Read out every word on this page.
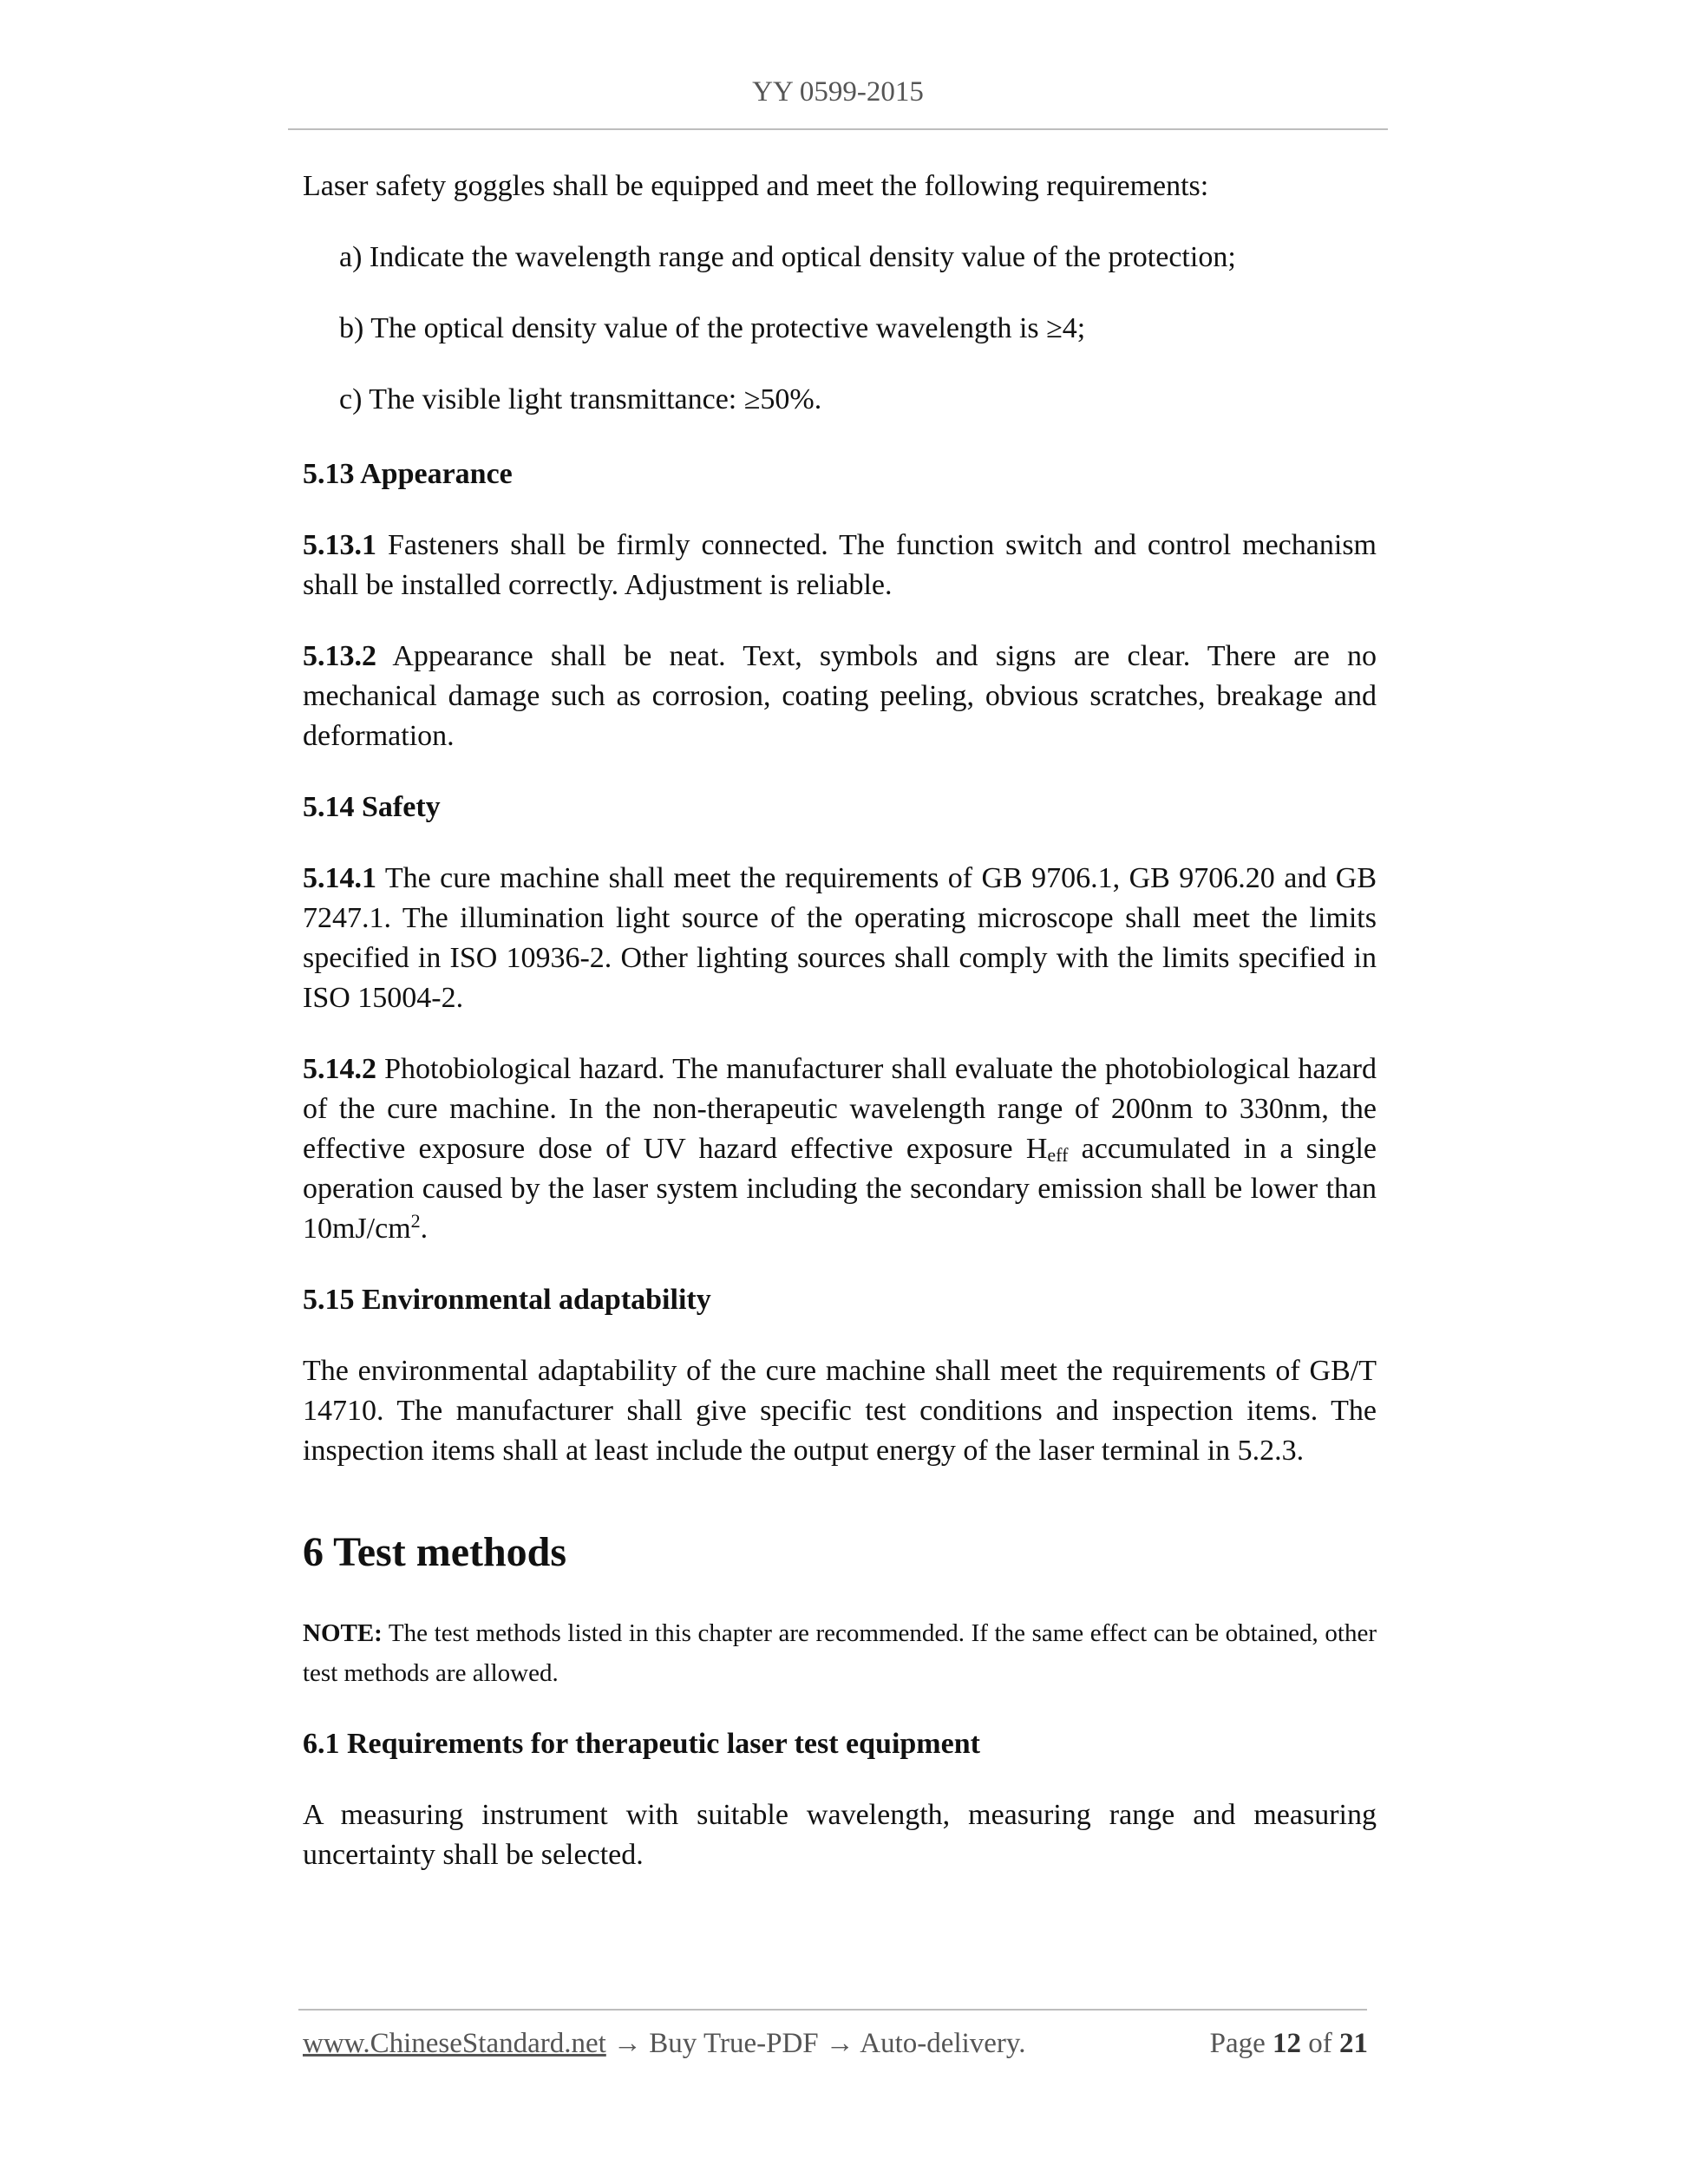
YY 0599-2015

Laser safety goggles shall be equipped and meet the following requirements:

a) Indicate the wavelength range and optical density value of the protection;

b) The optical density value of the protective wavelength is ≥4;

c) The visible light transmittance: ≥50%.

5.13 Appearance

5.13.1 Fasteners shall be firmly connected. The function switch and control mechanism shall be installed correctly. Adjustment is reliable.

5.13.2 Appearance shall be neat. Text, symbols and signs are clear. There are no mechanical damage such as corrosion, coating peeling, obvious scratches, breakage and deformation.

5.14 Safety

5.14.1 The cure machine shall meet the requirements of GB 9706.1, GB 9706.20 and GB 7247.1. The illumination light source of the operating microscope shall meet the limits specified in ISO 10936-2. Other lighting sources shall comply with the limits specified in ISO 15004-2.

5.14.2 Photobiological hazard. The manufacturer shall evaluate the photobiological hazard of the cure machine. In the non-therapeutic wavelength range of 200nm to 330nm, the effective exposure dose of UV hazard effective exposure $H_{eff}$ accumulated in a single operation caused by the laser system including the secondary emission shall be lower than $10mJ/cm^2$.

5.15 Environmental adaptability

The environmental adaptability of the cure machine shall meet the requirements of GB/T 14710. The manufacturer shall give specific test conditions and inspection items. The inspection items shall at least include the output energy of the laser terminal in 5.2.3.

6 Test methods

NOTE: The test methods listed in this chapter are recommended. If the same effect can be obtained, other test methods are allowed.

6.1 Requirements for therapeutic laser test equipment

A measuring instrument with suitable wavelength, measuring range and measuring uncertainty shall be selected.

www.ChineseStandard.net → Buy True-PDF → Auto-delivery.	Page 12 of 21
